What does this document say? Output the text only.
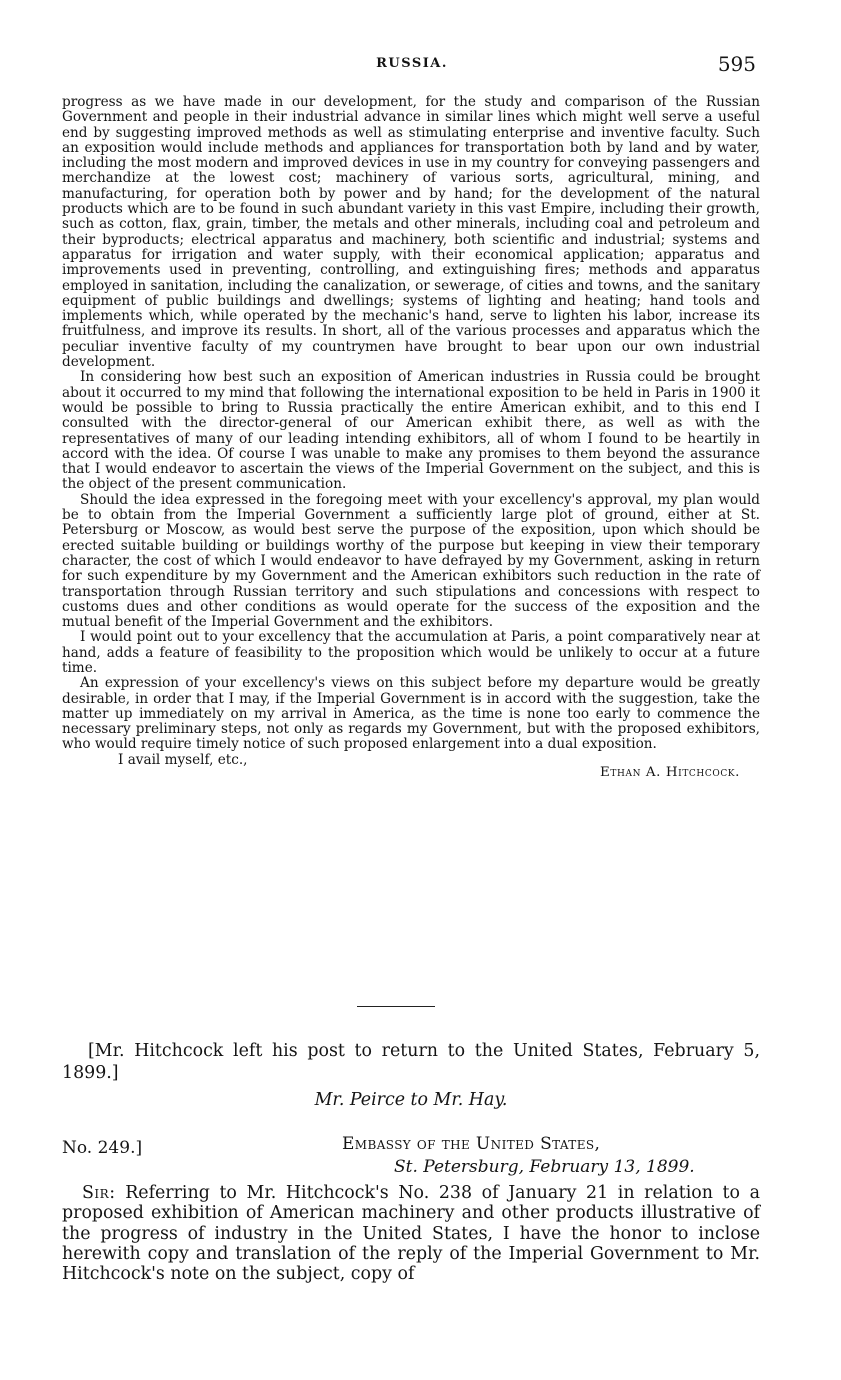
RUSSIA.	595

progress as we have made in our development, for the study and comparison of the Russian Government and people in their industrial advance in similar lines which might well serve a useful end by suggesting improved methods as well as stimulating enterprise and inventive faculty. Such an exposition would include methods and appliances for transportation both by land and by water, including the most modern and improved devices in use in my country for conveying passengers and merchandize at the lowest cost; machinery of various sorts, agricultural, mining, and manufacturing, for operation both by power and by hand; for the development of the natural products which are to be found in such abundant variety in this vast Empire, including their growth, such as cotton, flax, grain, timber, the metals and other minerals, including coal and petroleum and their byproducts; electrical apparatus and machinery, both scientific and industrial; systems and apparatus for irrigation and water supply, with their economical application; apparatus and improvements used in preventing, controlling, and extinguishing fires; methods and apparatus employed in sanitation, including the canalization, or sewerage, of cities and towns, and the sanitary equipment of public buildings and dwellings; systems of lighting and heating; hand tools and implements which, while operated by the mechanic's hand, serve to lighten his labor, increase its fruitfulness, and improve its results. In short, all of the various processes and apparatus which the peculiar inventive faculty of my countrymen have brought to bear upon our own industrial development.

In considering how best such an exposition of American industries in Russia could be brought about it occurred to my mind that following the international exposition to be held in Paris in 1900 it would be possible to bring to Russia practically the entire American exhibit, and to this end I consulted with the director-general of our American exhibit there, as well as with the representatives of many of our leading intending exhibitors, all of whom I found to be heartily in accord with the idea. Of course I was unable to make any promises to them beyond the assurance that I would endeavor to ascertain the views of the Imperial Government on the subject, and this is the object of the present communication.

Should the idea expressed in the foregoing meet with your excellency's approval, my plan would be to obtain from the Imperial Government a sufficiently large plot of ground, either at St. Petersburg or Moscow, as would best serve the purpose of the exposition, upon which should be erected suitable building or buildings worthy of the purpose but keeping in view their temporary character, the cost of which I would endeavor to have defrayed by my Government, asking in return for such expenditure by my Government and the American exhibitors such reduction in the rate of transportation through Russian territory and such stipulations and concessions with respect to customs dues and other conditions as would operate for the success of the exposition and the mutual benefit of the Imperial Government and the exhibitors.

I would point out to your excellency that the accumulation at Paris, a point comparatively near at hand, adds a feature of feasibility to the proposition which would be unlikely to occur at a future time.

An expression of your excellency's views on this subject before my departure would be greatly desirable, in order that I may, if the Imperial Government is in accord with the suggestion, take the matter up immediately on my arrival in America, as the time is none too early to commence the necessary preliminary steps, not only as regards my Government, but with the proposed exhibitors, who would require timely notice of such proposed enlargement into a dual exposition.

I avail myself, etc.,
Ethan A. Hitchcock.
[Mr. Hitchcock left his post to return to the United States, February 5, 1899.]
Mr. Peirce to Mr. Hay.
No. 249.]	Embassy of the United States,
St. Petersburg, February 13, 1899.
Sir: Referring to Mr. Hitchcock's No. 238 of January 21 in relation to a proposed exhibition of American machinery and other products illustrative of the progress of industry in the United States, I have the honor to inclose herewith copy and translation of the reply of the Imperial Government to Mr. Hitchcock's note on the subject, copy of
